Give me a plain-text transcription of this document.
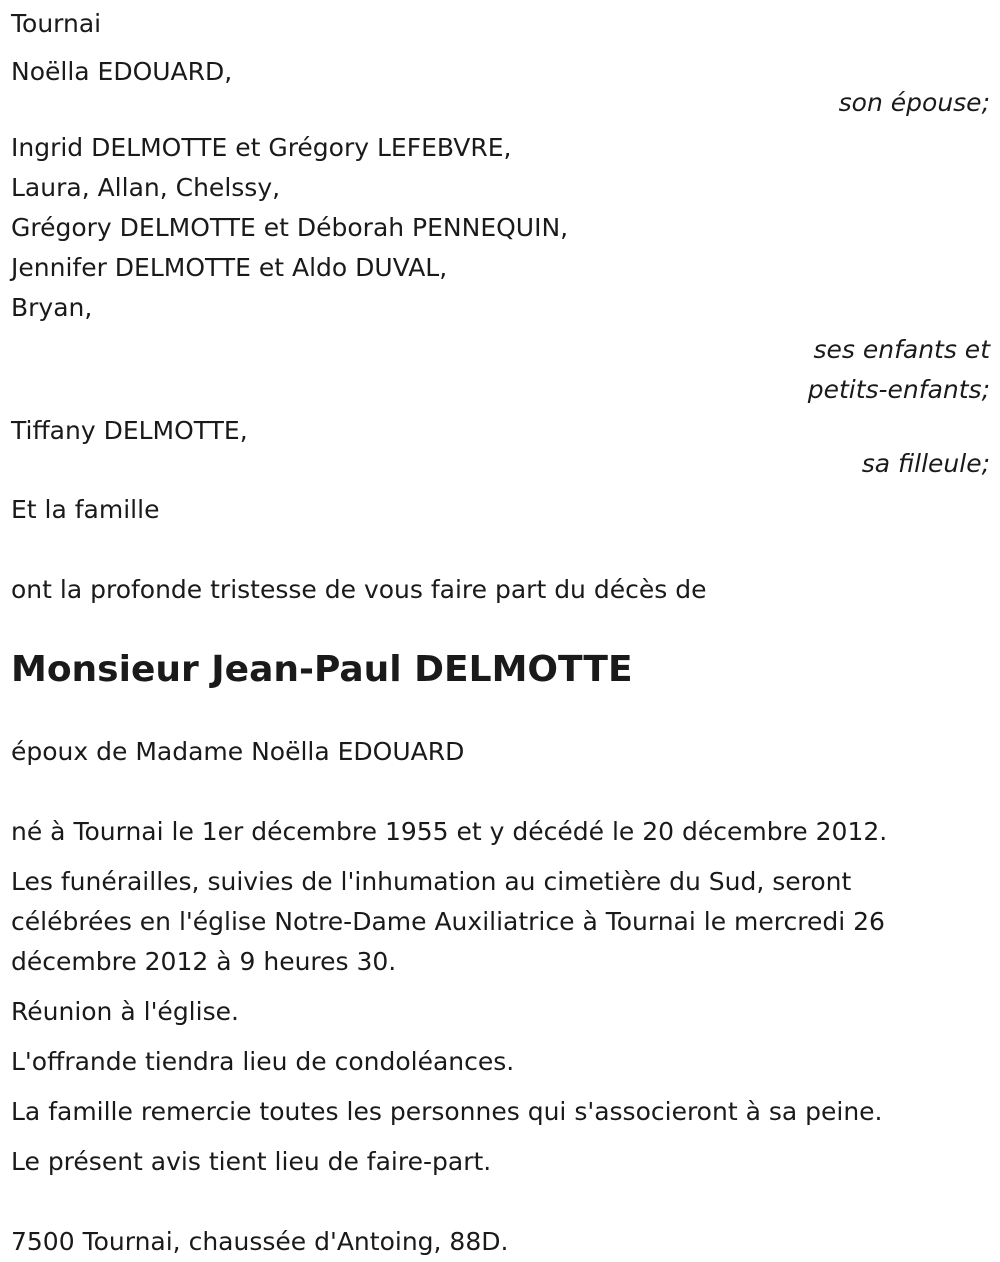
Tournai
Noëlla EDOUARD,
son épouse;
Ingrid DELMOTTE et Grégory LEFEBVRE,
Laura, Allan, Chelssy,
Grégory DELMOTTE et Déborah PENNEQUIN,
Jennifer DELMOTTE et Aldo DUVAL,
Bryan,
ses enfants et
petits-enfants;
Tiffany DELMOTTE,
sa filleule;
Et la famille
ont la profonde tristesse de vous faire part du décès de
Monsieur Jean-Paul DELMOTTE
époux de Madame Noëlla EDOUARD
né à Tournai le 1er décembre 1955 et y décédé le 20 décembre 2012.
Les funérailles, suivies de l'inhumation au cimetière du Sud, seront
célébrées en l'église Notre-Dame Auxiliatrice à Tournai le mercredi 26
décembre 2012 à 9 heures 30.
Réunion à l'église.
L'offrande tiendra lieu de condoléances.
La famille remercie toutes les personnes qui s'associeront à sa peine.
Le présent avis tient lieu de faire-part.
7500 Tournai, chaussée d'Antoing, 88D.
